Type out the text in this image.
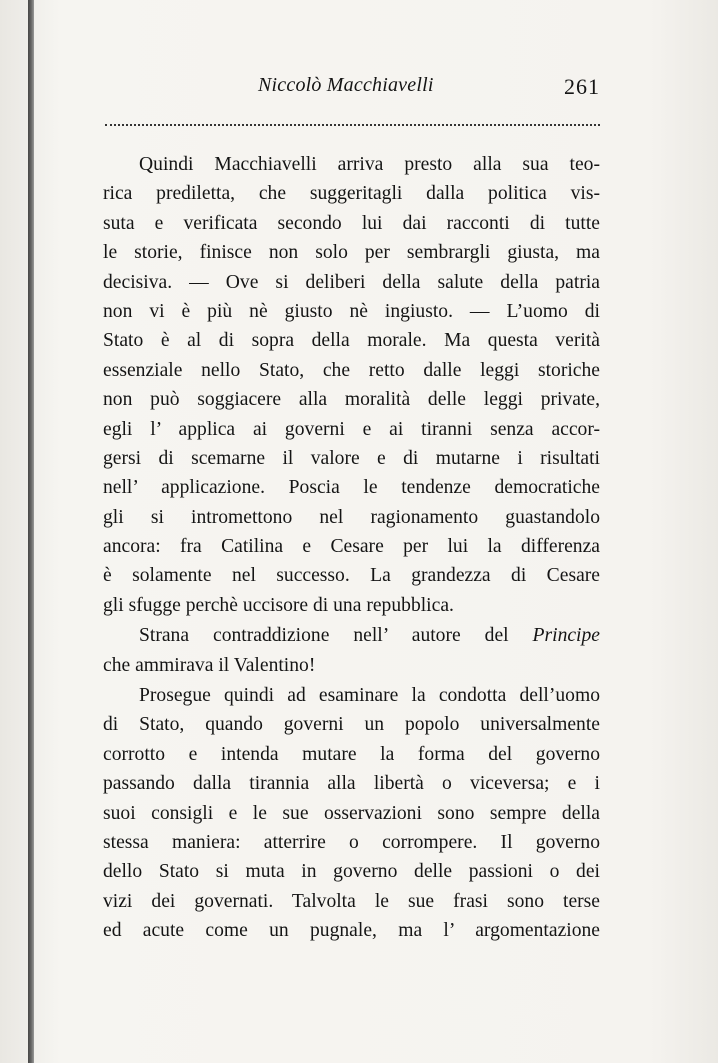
Niccolò Macchiavelli	261
Quindi Macchiavelli arriva presto alla sua teo-
rica prediletta, che suggeritagli dalla politica vis-
suta e verificata secondo lui dai racconti di tutte
le storie, finisce non solo per sembrargli giusta, ma
decisiva. — Ove si deliberi della salute della patria
non vi è più nè giusto nè ingiusto. — L’uomo di
Stato è al di sopra della morale. Ma questa verità
essenziale nello Stato, che retto dalle leggi storiche
non può soggiacere alla moralità delle leggi private,
egli l’ applica ai governi e ai tiranni senza accor-
gersi di scemarne il valore e di mutarne i risultati
nell’ applicazione. Poscia le tendenze democratiche
gli si intromettono nel ragionamento guastandolo
ancora: fra Catilina e Cesare per lui la differenza
è solamente nel successo. La grandezza di Cesare
gli sfugge perchè uccisore di una repubblica.
Strana contraddizione nell’ autore del Principe
che ammirava il Valentino!
Prosegue quindi ad esaminare la condotta dell’uomo
di Stato, quando governi un popolo universalmente
corrotto e intenda mutare la forma del governo
passando dalla tirannia alla libertà o viceversa; e i
suoi consigli e le sue osservazioni sono sempre della
stessa maniera: atterrire o corrompere. Il governo
dello Stato si muta in governo delle passioni o dei
vizi dei governati. Talvolta le sue frasi sono terse
ed acute come un pugnale, ma l’ argomentazione
